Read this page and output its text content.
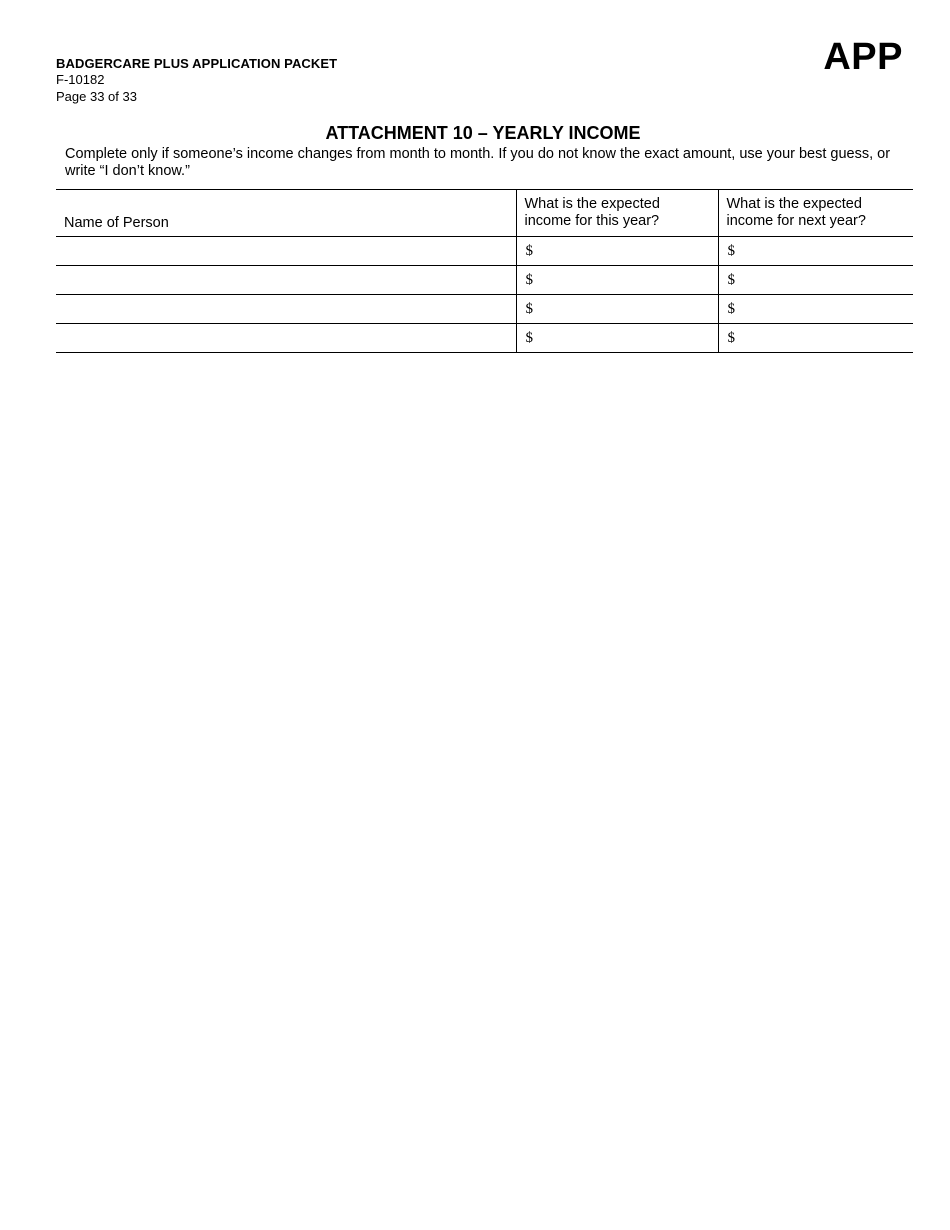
BADGERCARE PLUS APPLICATION PACKET
F-10182
Page 33 of 33
APP
ATTACHMENT 10 – YEARLY INCOME
Complete only if someone’s income changes from month to month. If you do not know the exact amount, use your best guess, or write “I don’t know.”
Name of Person	What is the expected income for this year?	What is the expected income for next year?
	$	$
	$	$
	$	$
	$	$
